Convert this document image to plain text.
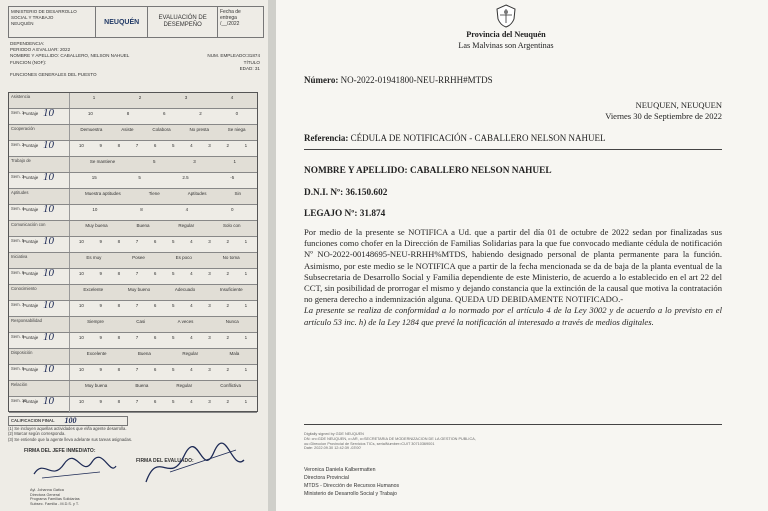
MINISTERIO DE DESARROLLO
SOCIAL Y TRABAJO
NEUQUÉN	NEUQUÉN
EVALUACIÓN DE
DESEMPEÑO
Fecha de
entrega
/__/2022
DEPENDENCIA:
PERIODO A EVALUAR: 2022
NOMBRE Y APELLIDO: CABALLERO, NELSON NAHUEL	NUM. EMPLEADO:31874
FUNCION (NOF):	TÍTULO
EDAD: 31
FUNCIONES GENERALES DEL PUESTO
Asistencia	1	2	3	4
Sem. 1
Puntaje 10	10	8	6	2	0
Cooperación	Demuestra	Asiste	Colabora	No presta	Se niega
Sem. 2
Puntaje 10	10	9	8	7	6	5	4	3	2	1
Trabajo de	Se mantiene	5	3	1
Sem. 3
Puntaje 10	15	5	2.5	-5
Aptitudes	Muestra aptitudes	Tiene	Aptitudes	Sin
Sem. 4
Puntaje 10	10	8	4	0
Comunicación con	Muy buena	Buena	Regular	Solo con
Sem. 5
Puntaje 10	10	9	8	7	6	5	4	3	2	1
Iniciativa	Es muy	Posee	Es poco	No toma
Sem. 6
Puntaje 10	10	9	8	7	6	5	4	3	2	1
Conocimiento	Excelente	Muy bueno	Adecuado	Insuficiente
Sem. 7
Puntaje 10	10	9	8	7	6	5	4	3	2	1
Responsabilidad	Siempre	Casi	A veces	Nunca
Sem. 8
Puntaje 10	10	9	8	7	6	5	4	3	2	1
Disposición	Excelente	Buena	Regular	Mala
Sem. 9
Puntaje 10	10	9	8	7	6	5	4	3	2	1
Relación	Muy buena	Buena	Regular	Conflictiva
Sem. 10
Puntaje 10	10	9	8	7	6	5	4	3	2	1
CALIFICACION FINAL 100
(1) Se incluyen aquellas actividades que el/la agente desarrolla.
(2) Marcar según corresponda.
(3) Se entiende que la agente lleva adelante sus tareas asignadas.
FIRMA DEL JEFE INMEDIATO:
Ayl. Johanna Gatica
Directora General
Programa Familias Solidarias
Subsec. Familia - M.D.S. y T.
FIRMA DEL EVALUADO:
Provincia del Neuquén
Las Malvinas son Argentinas
Número: NO-2022-01941800-NEU-RRHH#MTDS
NEUQUEN, NEUQUEN
Viernes 30 de Septiembre de 2022
Referencia: CÉDULA DE NOTIFICACIÓN - CABALLERO NELSON NAHUEL
NOMBRE Y APELLIDO: CABALLERO NELSON NAHUEL
D.N.I. Nº: 36.150.602
LEGAJO Nº: 31.874
Por medio de la presente se NOTIFICA a Ud. que a partir del día 01 de octubre de 2022 sedan por finalizadas sus funciones como chofer en la Dirección de Familias Solidarias para la que fue convocado mediante cédula de notificación Nº NO-2022-00148695-NEU-RRHH%MTDS, habiendo designado personal de planta permanente para la función. Asimismo, por este medio se le NOTIFICA que a partir de la fecha mencionada se da de baja de la planta eventual de la Subsecretaria de Desarrollo Social y Familia dependiente de este Ministerio, de acuerdo a lo establecido en el art 22 del CCT, sin posibilidad de prorrogar el mismo y dejando constancia que la extinción de la causal que motiva la contratación no genera derecho a indemnización alguna. QUEDA UD DEBIDAMENTE NOTIFICADO.-
La presente se realiza de conformidad a lo normado por el artículo 4 de la Ley 3002 y de acuerdo a lo previsto en el artículo 53 inc. h) de la Ley 1284 que prevé la notificación al interesado a través de medios digitales.
Digitally signed by GDE NEUQUEN
DN: cn=GDE NEUQUEN, c=AR, o=SECRETARIA DE MODERNIZACION DE LA GESTION PUBLICA,
ou=Direccion Provincial de Servicios TICs, serialNumber=CUIT 30710369001
Date: 2022.09.30 12:42:39 -03'00'
Veronica Daniela Kalbermatten
Directora Provincial
MTDS - Dirección de Recursos Humanos
Ministerio de Desarrollo Social y Trabajo
